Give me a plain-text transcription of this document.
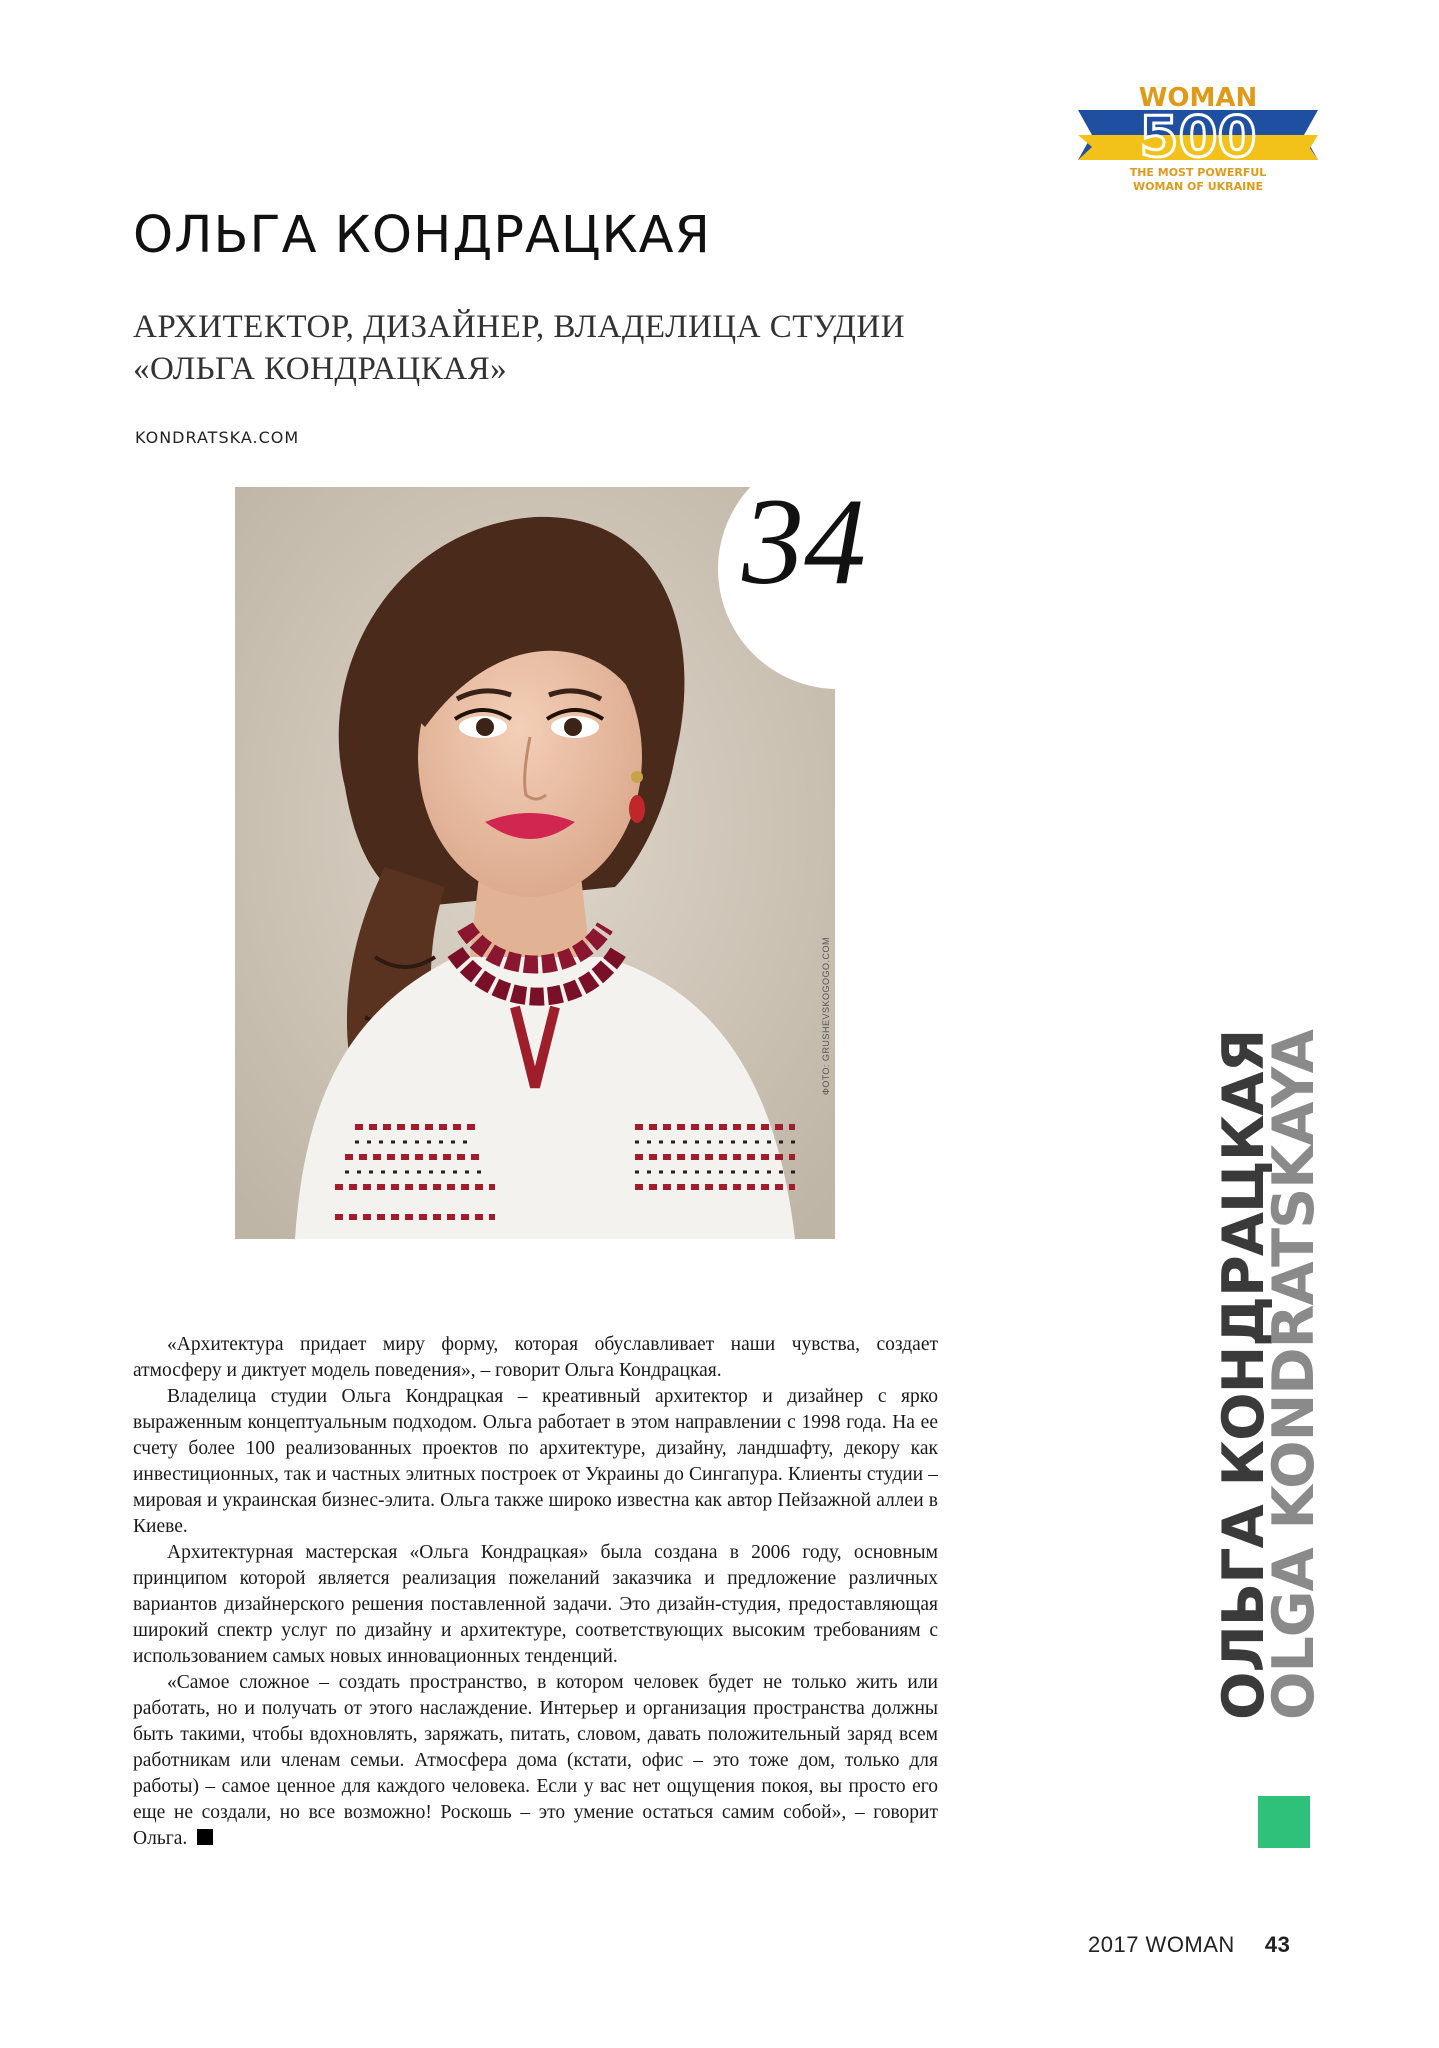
WOMAN
500
THE MOST POWERFUL
WOMAN OF UKRAINE
ОЛЬГА КОНДРАЦКАЯ
АРХИТЕКТОР, ДИЗАЙНЕР, ВЛАДЕЛИЦА СТУДИИ
«ОЛЬГА КОНДРАЦКАЯ»
KONDRATSKA.COM
34
ФОТО: GRUSHEVSKOGOGO.COM

«Архитектура придает миру форму, которая обуславливает наши чувства, создает атмосферу и диктует модель поведения», – говорит Ольга Кондрацкая.

Владелица студии Ольга Кондрацкая – креативный архитектор и дизайнер с ярко выраженным концептуальным подходом. Ольга работает в этом направлении с 1998 года. На ее счету более 100 реализованных проектов по архитектуре, дизайну, ландшафту, декору как инвестиционных, так и частных элитных построек от Украины до Сингапура. Клиенты студии – мировая и украинская бизнес-элита. Ольга также широко известна как автор Пейзажной аллеи в Киеве.

Архитектурная мастерская «Ольга Кондрацкая» была создана в 2006 году, основным принципом которой является реализация пожеланий заказчика и предложение различных вариантов дизайнерского решения поставленной задачи. Это дизайн-студия, предоставляющая широкий спектр услуг по дизайну и архитектуре, соответствующих высоким требованиям с использованием самых новых инновационных тенденций.

«Самое сложное – создать пространство, в котором человек будет не только жить или работать, но и получать от этого наслаждение. Интерьер и организация пространства должны быть такими, чтобы вдохновлять, заряжать, питать, словом, давать положительный заряд всем работникам или членам семьи. Атмосфера дома (кстати, офис – это тоже дом, только для работы) – самое ценное для каждого человека. Если у вас нет ощущения покоя, вы просто его еще не создали, но все возможно! Роскошь – это умение остаться самим собой», – говорит Ольга.

ОЛЬГА КОНДРАЦКАЯ
OLGA KONDRATSKAYA
2017 WOMAN 43
